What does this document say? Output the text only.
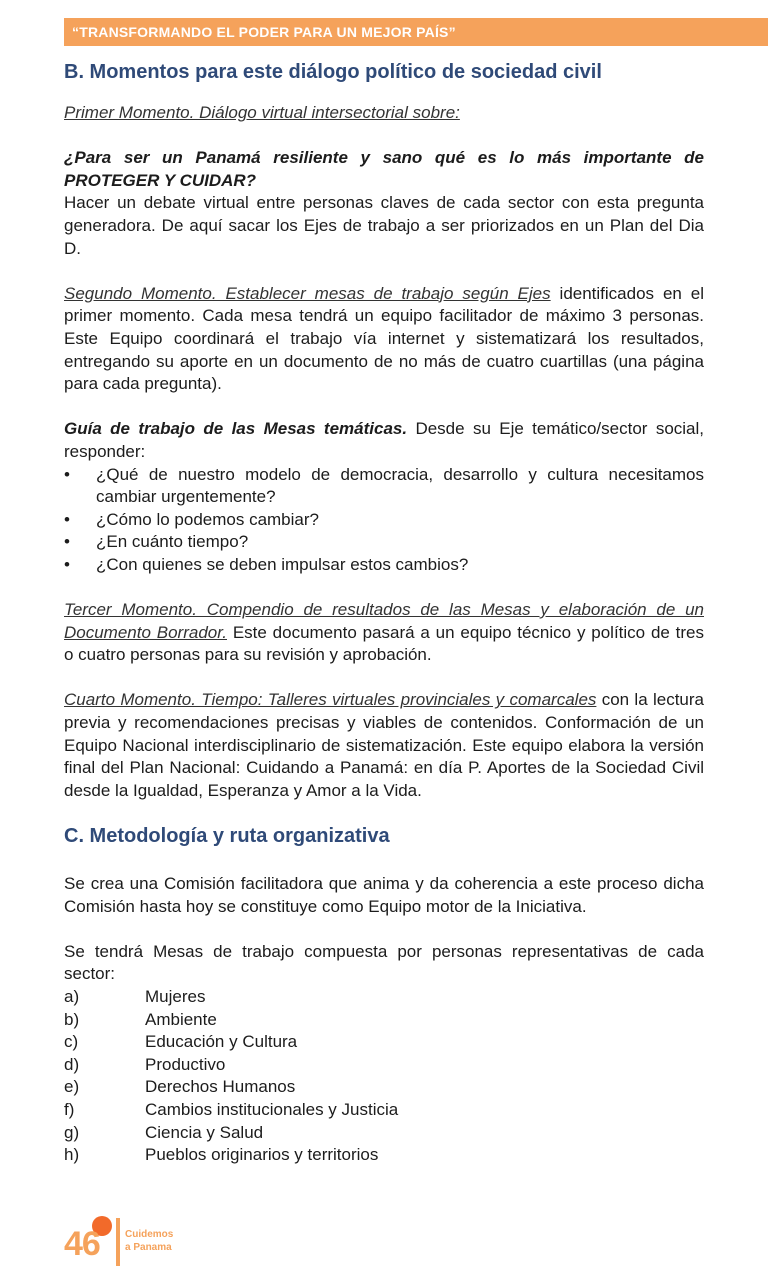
“TRANSFORMANDO EL PODER PARA UN MEJOR PAÍS”
B. Momentos para este diálogo político de sociedad civil

Primer Momento. Diálogo virtual intersectorial sobre:

¿Para ser un Panamá resiliente y sano qué es lo más importante de PROTEGER Y CUIDAR?

Hacer un debate virtual entre personas claves de cada sector con esta pregunta generadora. De aquí sacar los Ejes de trabajo a ser priorizados en un Plan del Dia D.

Segundo Momento. Establecer mesas de trabajo según Ejes identificados en el primer momento. Cada mesa tendrá un equipo facilitador de máximo 3 personas. Este Equipo coordinará el trabajo vía internet y sistematizará los resultados, entregando su aporte en un documento de no más de cuatro cuartillas (una página para cada pregunta).

Guía de trabajo de las Mesas temáticas. Desde su Eje temático/sector social, responder:

•	¿Qué de nuestro modelo de democracia, desarrollo y cultura necesitamos cambiar urgentemente?
•	¿Cómo lo podemos cambiar?
•	¿En cuánto tiempo?
•	¿Con quienes se deben impulsar estos cambios?

Tercer Momento. Compendio de resultados de las Mesas y elaboración de un Documento Borrador. Este documento pasará a un equipo técnico y político de tres o cuatro personas para su revisión y aprobación.

Cuarto Momento. Tiempo: Talleres virtuales provinciales y comarcales con la lectura previa y recomendaciones precisas y viables de contenidos. Conformación de un Equipo Nacional interdisciplinario de sistematización. Este equipo elabora la versión final del Plan Nacional: Cuidando a Panamá: en día P. Aportes de la Sociedad Civil desde la Igualdad, Esperanza y Amor a la Vida.

C. Metodología y ruta organizativa

Se crea una Comisión facilitadora que anima y da coherencia a este proceso dicha Comisión hasta hoy se constituye como Equipo motor de la Iniciativa.

Se tendrá Mesas de trabajo compuesta por personas representativas de cada sector:

a)	Mujeres
b)	Ambiente
c)	Educación y Cultura
d)	Productivo
e)	Derechos Humanos
f)	Cambios institucionales y Justicia
g)	Ciencia y Salud
h)	Pueblos originarios y territorios
46	Cuidemos
a Panama
